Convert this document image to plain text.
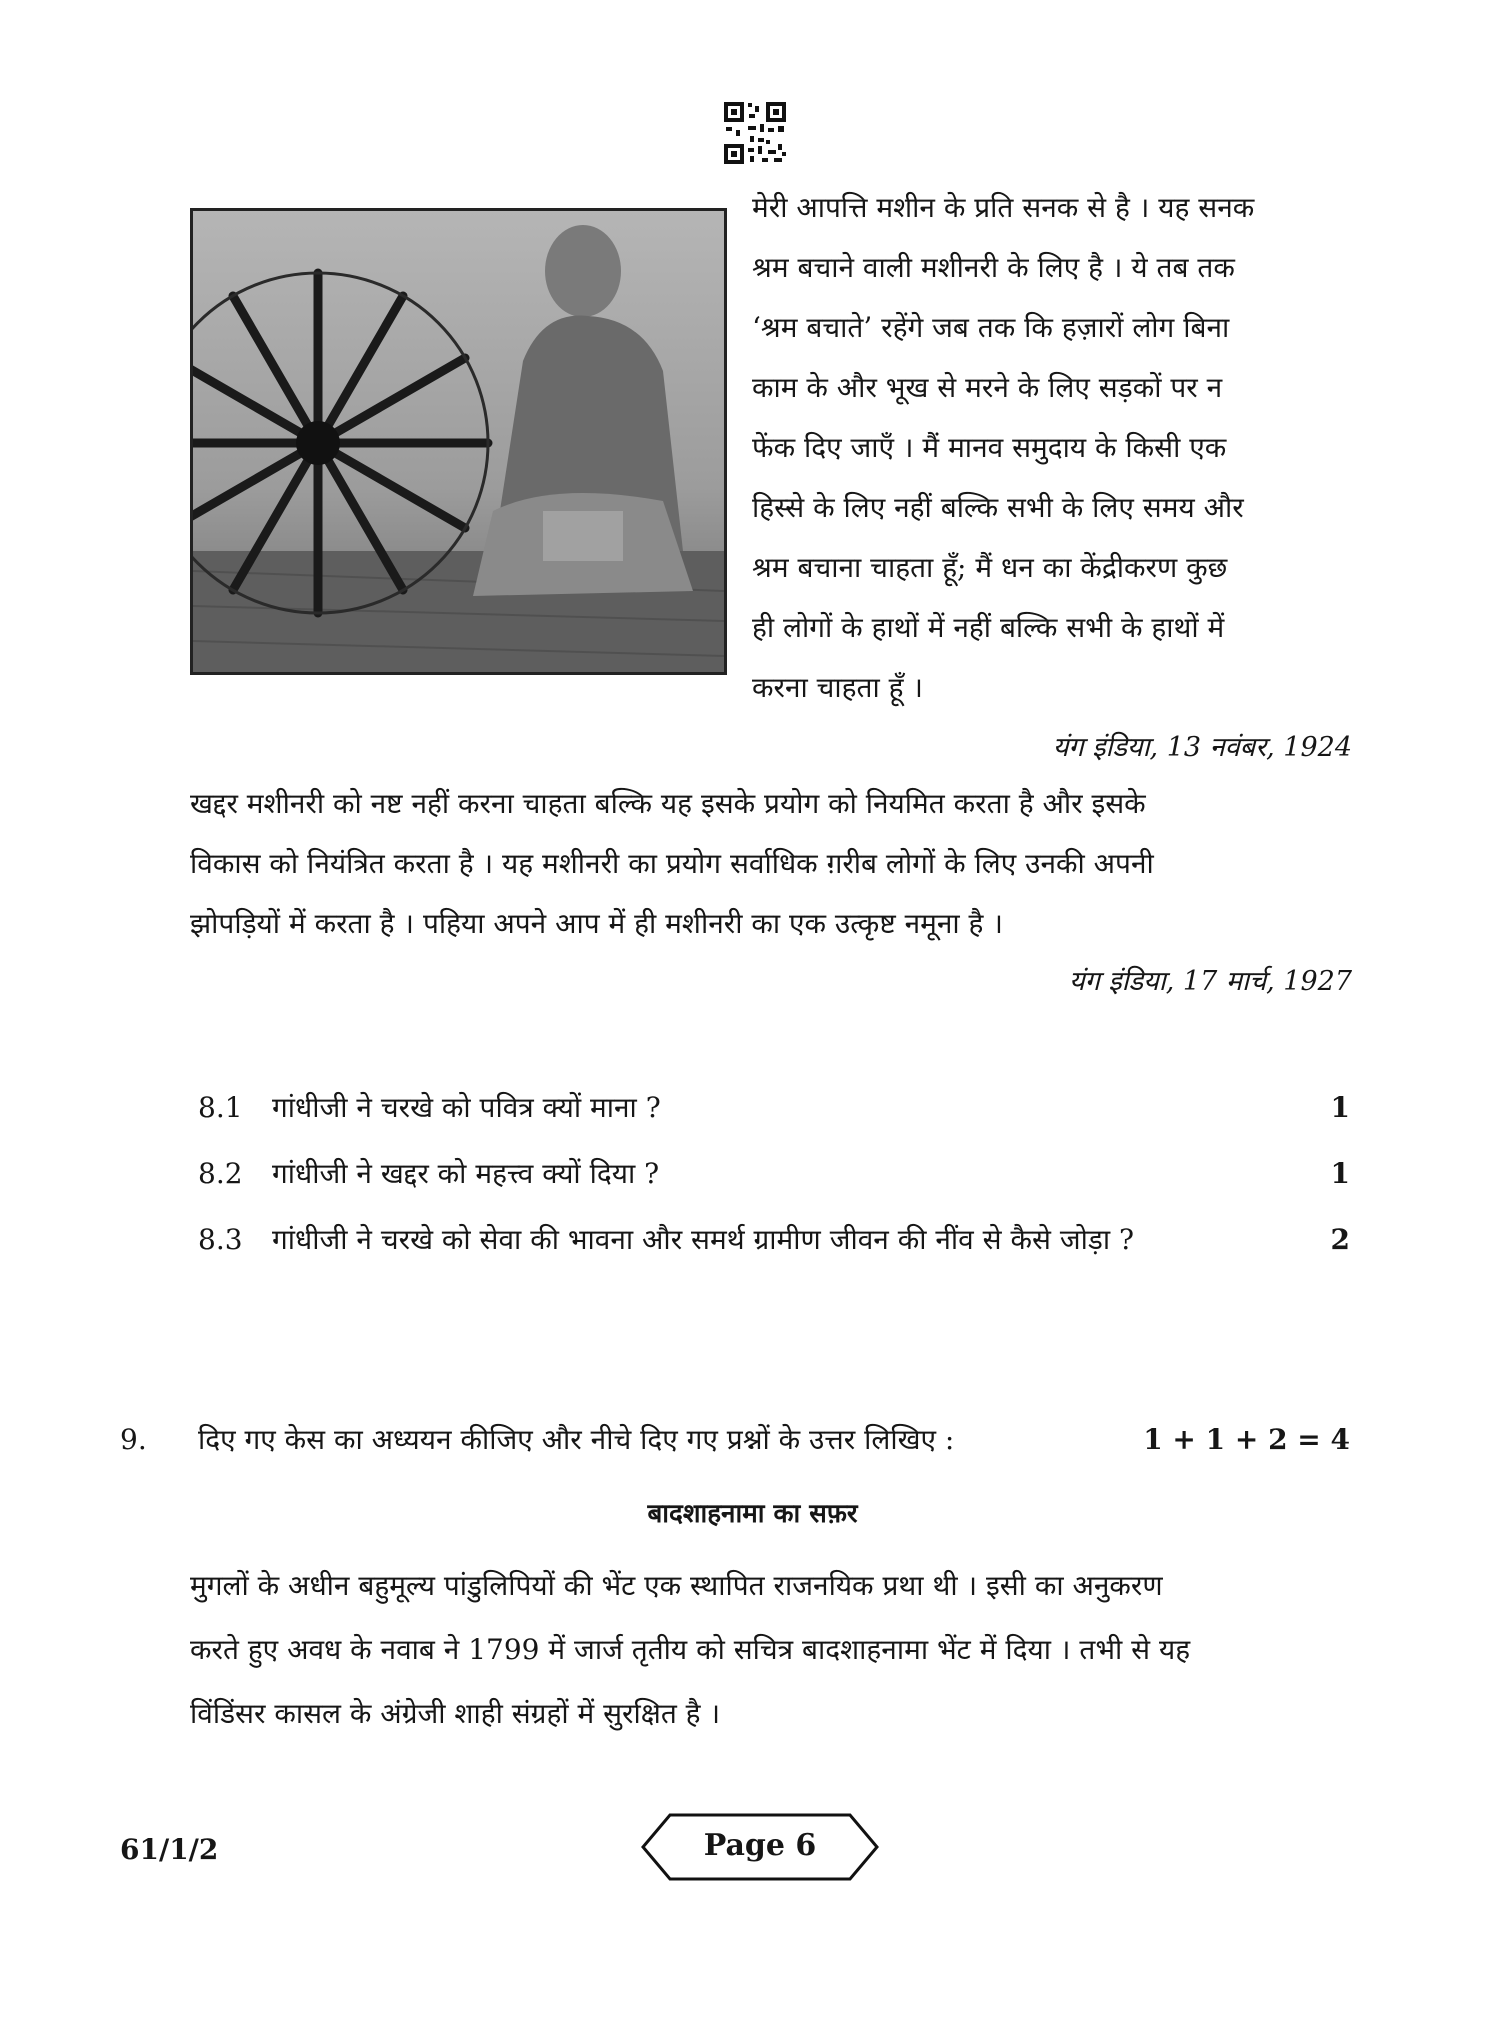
मेरी आपत्ति मशीन के प्रति सनक से है । यह सनक
श्रम बचाने वाली मशीनरी के लिए है । ये तब तक
‘श्रम बचाते’ रहेंगे जब तक कि हज़ारों लोग बिना
काम के और भूख से मरने के लिए सड़कों पर न
फेंक दिए जाएँ । मैं मानव समुदाय के किसी एक
हिस्से के लिए नहीं बल्कि सभी के लिए समय और
श्रम बचाना चाहता हूँ; मैं धन का केंद्रीकरण कुछ
ही लोगों के हाथों में नहीं बल्कि सभी के हाथों में
करना चाहता हूँ ।
यंग इंडिया, 13 नवंबर, 1924
खद्दर मशीनरी को नष्ट नहीं करना चाहता बल्कि यह इसके प्रयोग को नियमित करता है और इसके
विकास को नियंत्रित करता है । यह मशीनरी का प्रयोग सर्वाधिक ग़रीब लोगों के लिए उनकी अपनी
झोपड़ियों में करता है । पहिया अपने आप में ही मशीनरी का एक उत्कृष्ट नमूना है ।
यंग इंडिया, 17 मार्च, 1927
8.1 गांधीजी ने चरखे को पवित्र क्यों माना ?	1
8.2 गांधीजी ने खद्दर को महत्त्व क्यों दिया ?	1
8.3 गांधीजी ने चरखे को सेवा की भावना और समर्थ ग्रामीण जीवन की नींव से कैसे जोड़ा ?	2
9. दिए गए केस का अध्ययन कीजिए और नीचे दिए गए प्रश्नों के उत्तर लिखिए :	1 + 1 + 2 = 4
बादशाहनामा का सफ़र
मुगलों के अधीन बहुमूल्य पांडुलिपियों की भेंट एक स्थापित राजनयिक प्रथा थी । इसी का अनुकरण
करते हुए अवध के नवाब ने 1799 में जार्ज तृतीय को सचित्र बादशाहनामा भेंट में दिया । तभी से यह
विंडिंसर कासल के अंग्रेजी शाही संग्रहों में सुरक्षित है ।
61/1/2	Page 6
